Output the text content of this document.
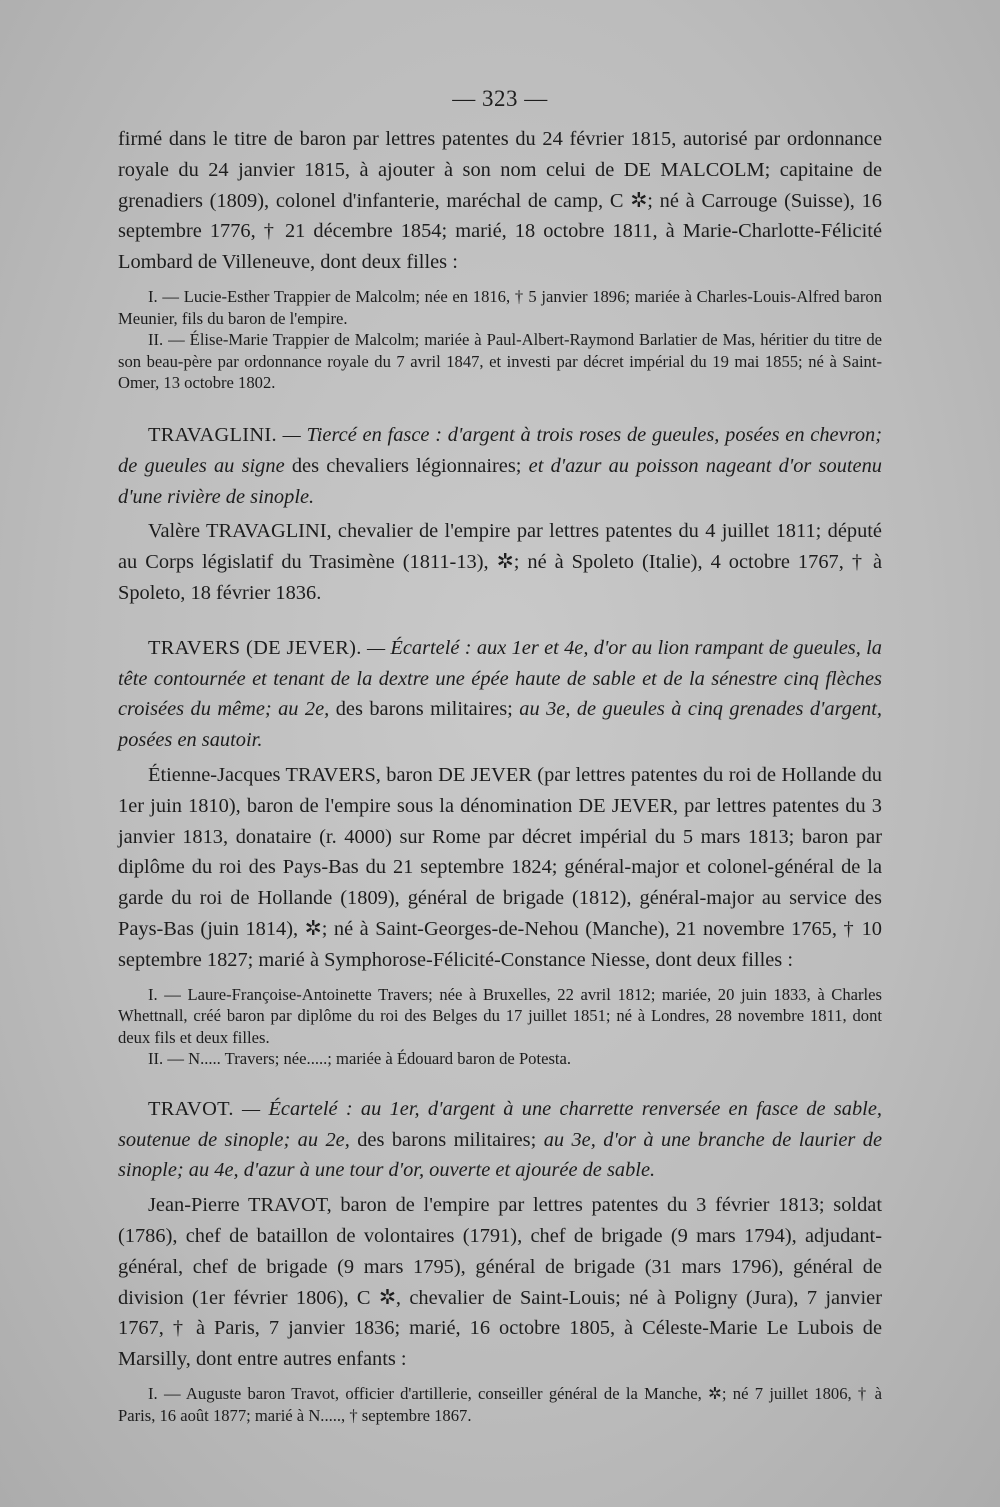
— 323 —

firmé dans le titre de baron par lettres patentes du 24 février 1815, autorisé par ordonnance royale du 24 janvier 1815, à ajouter à son nom celui de DE MALCOLM; capitaine de grenadiers (1809), colonel d'infanterie, maréchal de camp, C ✲; né à Carrouge (Suisse), 16 septembre 1776, † 21 décembre 1854; marié, 18 octobre 1811, à Marie-Charlotte-Félicité Lombard de Villeneuve, dont deux filles :

I. — Lucie-Esther Trappier de Malcolm; née en 1816, † 5 janvier 1896; mariée à Charles-Louis-Alfred baron Meunier, fils du baron de l'empire.

II. — Élise-Marie Trappier de Malcolm; mariée à Paul-Albert-Raymond Barlatier de Mas, héritier du titre de son beau-père par ordonnance royale du 7 avril 1847, et investi par décret impérial du 19 mai 1855; né à Saint-Omer, 13 octobre 1802.

TRAVAGLINI. — Tiercé en fasce : d'argent à trois roses de gueules, posées en chevron; de gueules au signe des chevaliers légionnaires; et d'azur au poisson nageant d'or soutenu d'une rivière de sinople.

Valère TRAVAGLINI, chevalier de l'empire par lettres patentes du 4 juillet 1811; député au Corps législatif du Trasimène (1811-13), ✲; né à Spoleto (Italie), 4 octobre 1767, † à Spoleto, 18 février 1836.

TRAVERS (DE JEVER). — Écartelé : aux 1er et 4e, d'or au lion rampant de gueules, la tête contournée et tenant de la dextre une épée haute de sable et de la sénestre cinq flèches croisées du même; au 2e, des barons militaires; au 3e, de gueules à cinq grenades d'argent, posées en sautoir.

Étienne-Jacques TRAVERS, baron DE JEVER (par lettres patentes du roi de Hollande du 1er juin 1810), baron de l'empire sous la dénomination DE JEVER, par lettres patentes du 3 janvier 1813, donataire (r. 4000) sur Rome par décret impérial du 5 mars 1813; baron par diplôme du roi des Pays-Bas du 21 septembre 1824; général-major et colonel-général de la garde du roi de Hollande (1809), général de brigade (1812), général-major au service des Pays-Bas (juin 1814), ✲; né à Saint-Georges-de-Nehou (Manche), 21 novembre 1765, † 10 septembre 1827; marié à Symphorose-Félicité-Constance Niesse, dont deux filles :

I. — Laure-Françoise-Antoinette Travers; née à Bruxelles, 22 avril 1812; mariée, 20 juin 1833, à Charles Whettnall, créé baron par diplôme du roi des Belges du 17 juillet 1851; né à Londres, 28 novembre 1811, dont deux fils et deux filles.

II. — N..... Travers; née.....; mariée à Édouard baron de Potesta.

TRAVOT. — Écartelé : au 1er, d'argent à une charrette renversée en fasce de sable, soutenue de sinople; au 2e, des barons militaires; au 3e, d'or à une branche de laurier de sinople; au 4e, d'azur à une tour d'or, ouverte et ajourée de sable.

Jean-Pierre TRAVOT, baron de l'empire par lettres patentes du 3 février 1813; soldat (1786), chef de bataillon de volontaires (1791), chef de brigade (9 mars 1794), adjudant-général, chef de brigade (9 mars 1795), général de brigade (31 mars 1796), général de division (1er février 1806), C ✲, chevalier de Saint-Louis; né à Poligny (Jura), 7 janvier 1767, † à Paris, 7 janvier 1836; marié, 16 octobre 1805, à Céleste-Marie Le Lubois de Marsilly, dont entre autres enfants :

I. — Auguste baron Travot, officier d'artillerie, conseiller général de la Manche, ✲; né 7 juillet 1806, † à Paris, 16 août 1877; marié à N....., † septembre 1867.
